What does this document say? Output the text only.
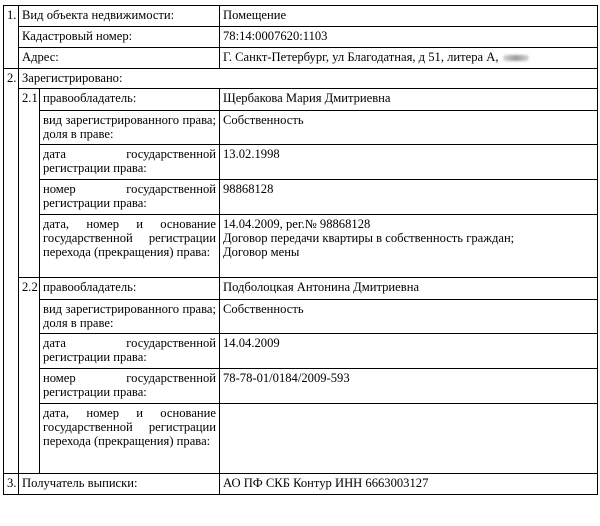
1.	Вид объекта недвижимости:		Помещение
	Кадастровый номер:		78:14:0007620:1103
	Адрес:		Г. Санкт-Петербург, ул Благодатная, д 51, литера А,
2.	Зарегистрировано:		
	2.1	правообладатель:	Щербакова Мария Дмитриевна
		вид зарегистрированного права; доля в праве:	Собственность
		дата государственной регистрации права:	13.02.1998
		номер государственной регистрации права:	98868128
		дата, номер и основание государственной регистрации перехода (прекращения) права:	14.04.2009, рег.№ 98868128
Договор передачи квартиры в собственность граждан;
Договор мены

	2.2	правообладатель:	Подболоцкая Антонина Дмитриевна
		вид зарегистрированного права; доля в праве:	Собственность
		дата государственной регистрации права:	14.04.2009
		номер государственной регистрации права:	78-78-01/0184/2009-593
		дата, номер и основание государственной регистрации перехода (прекращения) права:	
3.	Получатель выписки:		АО ПФ СКБ Контур ИНН 6663003127
